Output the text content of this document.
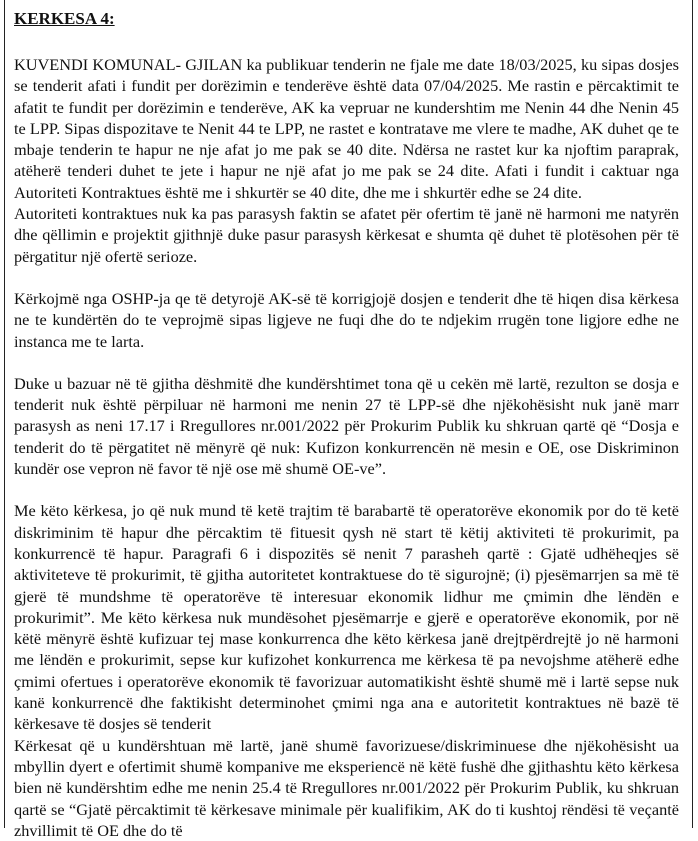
KERKESA 4:

KUVENDI KOMUNAL- GJILAN ka publikuar tenderin ne fjale me date 18/03/2025, ku sipas dosjes se tenderit afati i fundit per dorëzimin e tenderëve është data 07/04/2025. Me rastin e përcaktimit te afatit te fundit per dorëzimin e tenderëve, AK ka vepruar ne kundershtim me Nenin 44 dhe Nenin 45 te LPP. Sipas dispozitave te Nenit 44 te LPP, ne rastet e kontratave me vlere te madhe, AK duhet qe te mbaje tenderin te hapur ne nje afat jo me pak se 40 dite. Ndërsa ne rastet kur ka njoftim paraprak, atëherë tenderi duhet te jete i hapur ne një afat jo me pak se 24 dite. Afati i fundit i caktuar nga Autoriteti Kontraktues është me i shkurtër se 40 dite, dhe me i shkurtër edhe se 24 dite.

Autoriteti kontraktues nuk ka pas parasysh faktin se afatet për ofertim të janë në harmoni me natyrën dhe qëllimin e projektit gjithnjë duke pasur parasysh kërkesat e shumta që duhet të plotësohen për të përgatitur një ofertë serioze.

Kërkojmë nga OSHP-ja qe të detyrojë AK-së të korrigjojë dosjen e tenderit dhe të hiqen disa kërkesa ne te kundërtën do te veprojmë sipas ligjeve ne fuqi dhe do te ndjekim rrugën tone ligjore edhe ne instanca me te larta.

Duke u bazuar në të gjitha dëshmitë dhe kundërshtimet tona që u cekën më lartë, rezulton se dosja e tenderit nuk është përpiluar në harmoni me nenin 27 të LPP-së dhe njëkohësisht nuk janë marr parasysh as neni 17.17 i Rregullores nr.001/2022 për Prokurim Publik ku shkruan qartë që “Dosja e tenderit do të përgatitet në mënyrë që nuk: Kufizon konkurrencën në mesin e OE, ose Diskriminon kundër ose vepron në favor të një ose më shumë OE-ve”.

Me këto kërkesa, jo që nuk mund të ketë trajtim të barabartë të operatorëve ekonomik por do të ketë diskriminim të hapur dhe përcaktim të fituesit qysh në start të këtij aktiviteti të prokurimit, pa konkurrencë të hapur. Paragrafi 6 i dispozitës së nenit 7 parasheh qartë : Gjatë udhëheqjes së aktiviteteve të prokurimit, të gjitha autoritetet kontraktuese do të sigurojnë; (i) pjesëmarrjen sa më të gjerë të mundshme të operatorëve të interesuar ekonomik lidhur me çmimin dhe lëndën e prokurimit”. Me këto kërkesa nuk mundësohet pjesëmarrje e gjerë e operatorëve ekonomik, por në këtë mënyrë është kufizuar tej mase konkurrenca dhe këto kërkesa janë drejtpërdrejtë jo në harmoni me lëndën e prokurimit, sepse kur kufizohet konkurrenca me kërkesa të pa nevojshme atëherë edhe çmimi ofertues i operatorëve ekonomik të favorizuar automatikisht është shumë më i lartë sepse nuk kanë konkurrencë dhe faktikisht determinohet çmimi nga ana e autoritetit kontraktues në bazë të kërkesave të dosjes së tenderit

Kërkesat që u kundërshtuan më lartë, janë shumë favorizuese/diskriminuese dhe njëkohësisht ua mbyllin dyert e ofertimit shumë kompanive me eksperiencë në këtë fushë dhe gjithashtu këto kërkesa bien në kundërshtim edhe me nenin 25.4 të Rregullores nr.001/2022 për Prokurim Publik, ku shkruan qartë se “Gjatë përcaktimit të kërkesave minimale për kualifikim, AK do ti kushtoj rëndësi të veçantë zhvillimit të OE dhe do të
